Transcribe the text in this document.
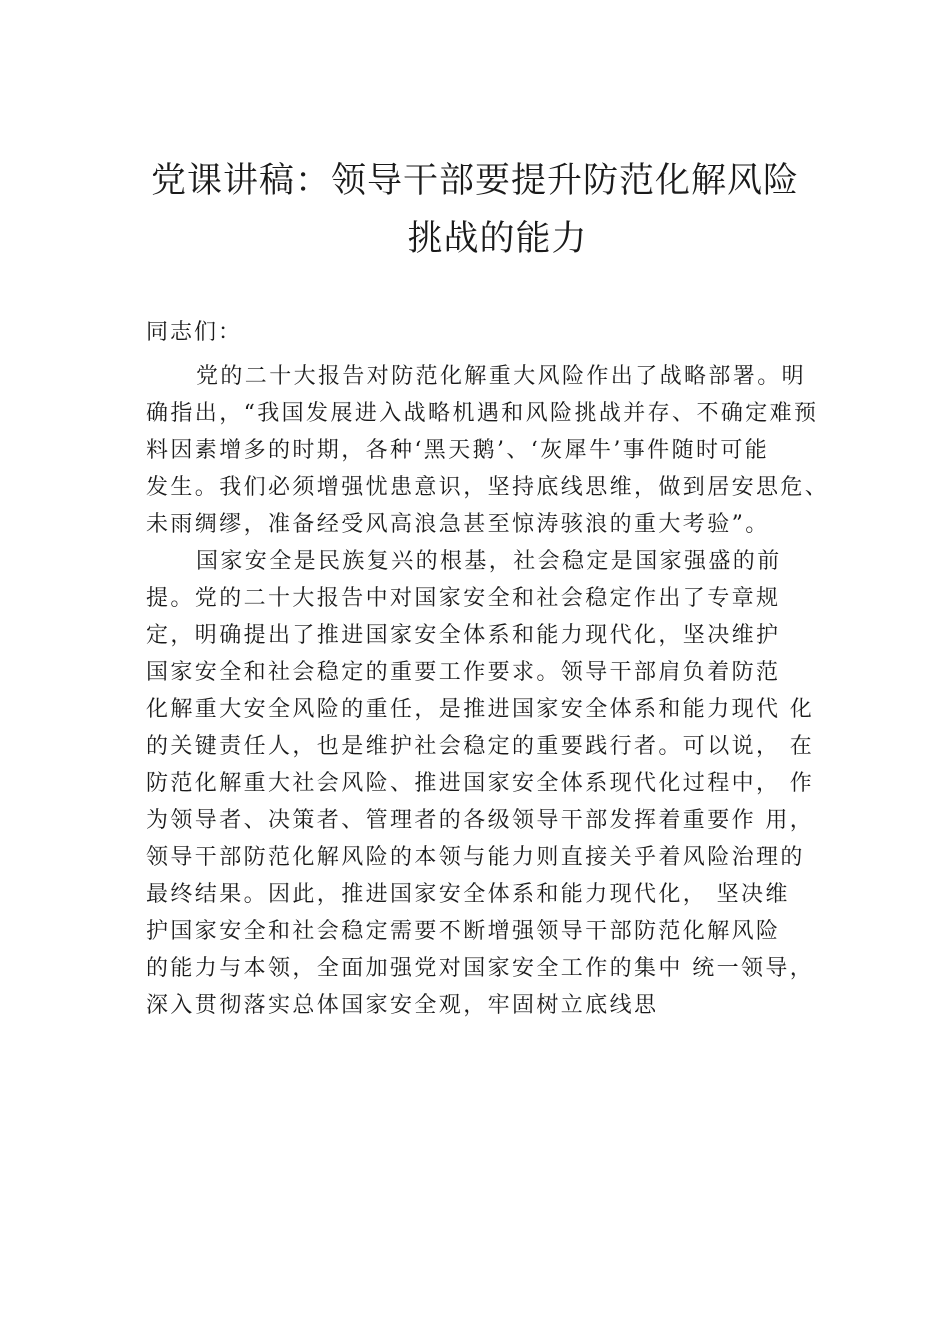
党课讲稿：领导干部要提升防范化解风险
挑战的能力
同志们：
党的二十大报告对防范化解重大风险作出了战略部署。明
确指出，“我国发展进入战略机遇和风险挑战并存、不确定难预
料因素增多的时期，各种‘黑天鹅’、‘灰犀牛’事件随时可能
发生。我们必须增强忧患意识，坚持底线思维，做到居安思危、
未雨绸缪，准备经受风高浪急甚至惊涛骇浪的重大考验”。
国家安全是民族复兴的根基，社会稳定是国家强盛的前
提。党的二十大报告中对国家安全和社会稳定作出了专章规
定，明确提出了推进国家安全体系和能力现代化，坚决维护
国家安全和社会稳定的重要工作要求。领导干部肩负着防范
化解重大安全风险的重任，是推进国家安全体系和能力现代 化
的关键责任人，也是维护社会稳定的重要践行者。可以说， 在
防范化解重大社会风险、推进国家安全体系现代化过程中， 作
为领导者、决策者、管理者的各级领导干部发挥着重要作 用，
领导干部防范化解风险的本领与能力则直接关乎着风险治理的
最终结果。因此，推进国家安全体系和能力现代化， 坚决维
护国家安全和社会稳定需要不断增强领导干部防范化解风险
的能力与本领，全面加强党对国家安全工作的集中 统一领导，
深入贯彻落实总体国家安全观，牢固树立底线思
